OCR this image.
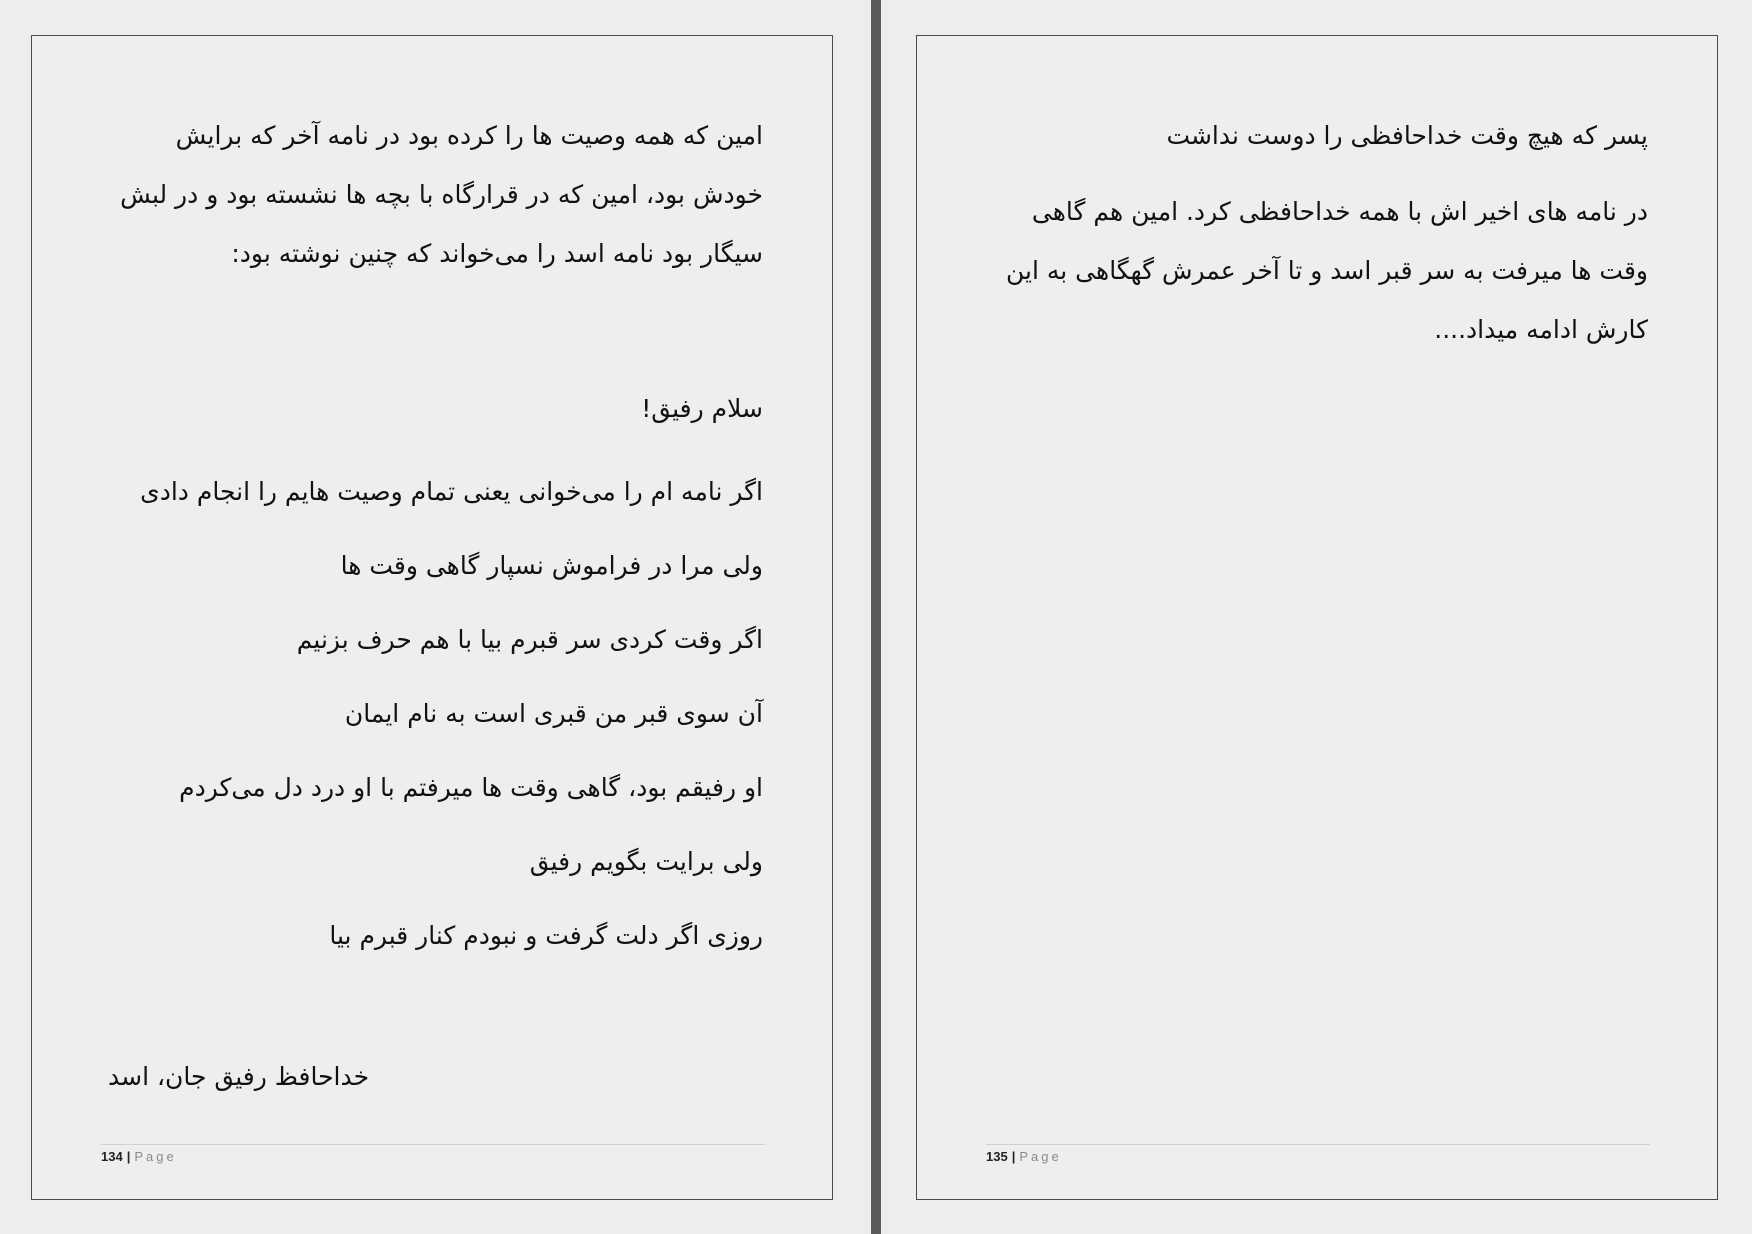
امین که همه وصیت ها را کرده بود در نامه آخر که برایش
خودش بود، امین که در قرارگاه با بچه ها نشسته بود و در لبش
سیگار بود نامه اسد را می‌خواند که چنین نوشته بود:
سلام رفیق!
اگر نامه ام را می‌خوانی یعنی تمام وصیت هایم را انجام دادی
ولی مرا در فراموش نسپار گاهی وقت ها
اگر وقت کردی سر قبرم بیا با هم حرف بزنیم
آن سوی قبر من قبری است به نام ایمان
او رفیقم بود، گاهی وقت ها میرفتم با او درد دل می‌کردم
ولی برایت بگویم رفیق
روزی اگر دلت گرفت و نبودم کنار قبرم بیا
خداحافظ رفیق جان، اسد
134 | Page
پسر که هیچ وقت خداحافظی را دوست نداشت
در نامه های اخیر اش با همه خداحافظی کرد. امین هم گاهی
وقت ها میرفت به سر قبر اسد و تا آخر عمرش گهگاهی به این
کارش ادامه میداد....
135 | Page
